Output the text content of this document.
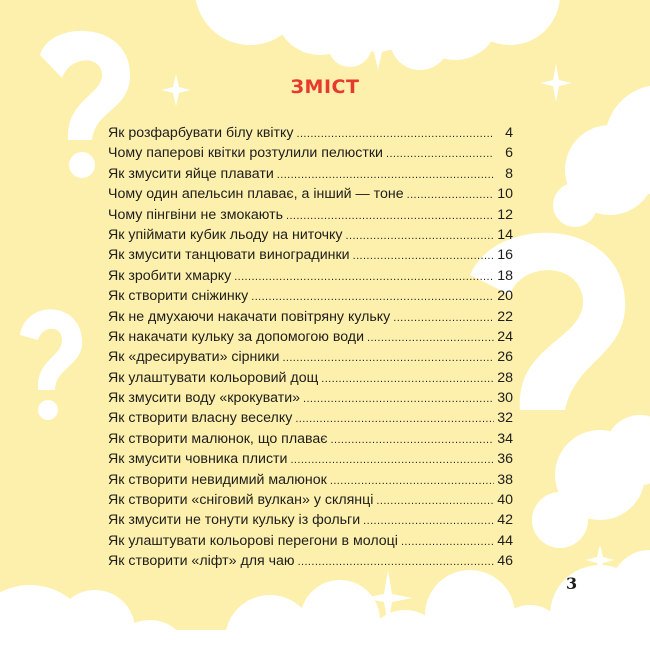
ЗМІСТ
Як розфарбувати білу квітку .....	4
Чому паперові квітки розтулили пелюстки .....	6
Як змусити яйце плавати .....	8
Чому один апельсин плаває, а інший — тоне .....	10
Чому пінгвіни не змокають .....	12
Як упіймати кубик льоду на ниточку .....	14
Як змусити танцювати виноградинки .....	16
Як зробити хмарку .....	18
Як створити сніжинку .....	20
Як не дмухаючи накачати повітряну кульку .....	22
Як накачати кульку за допомогою води .....	24
Як «дресирувати» сірники .....	26
Як улаштувати кольоровий дощ .....	28
Як змусити воду «крокувати» .....	30
Як створити власну веселку .....	32
Як створити малюнок, що плаває .....	34
Як змусити човника плисти .....	36
Як створити невидимий малюнок .....	38
Як створити «сніговий вулкан» у склянці .....	40
Як змусити не тонути кульку із фольги .....	42
Як улаштувати кольорові перегони в молоці .....	44
Як створити «ліфт» для чаю .....	46
3
